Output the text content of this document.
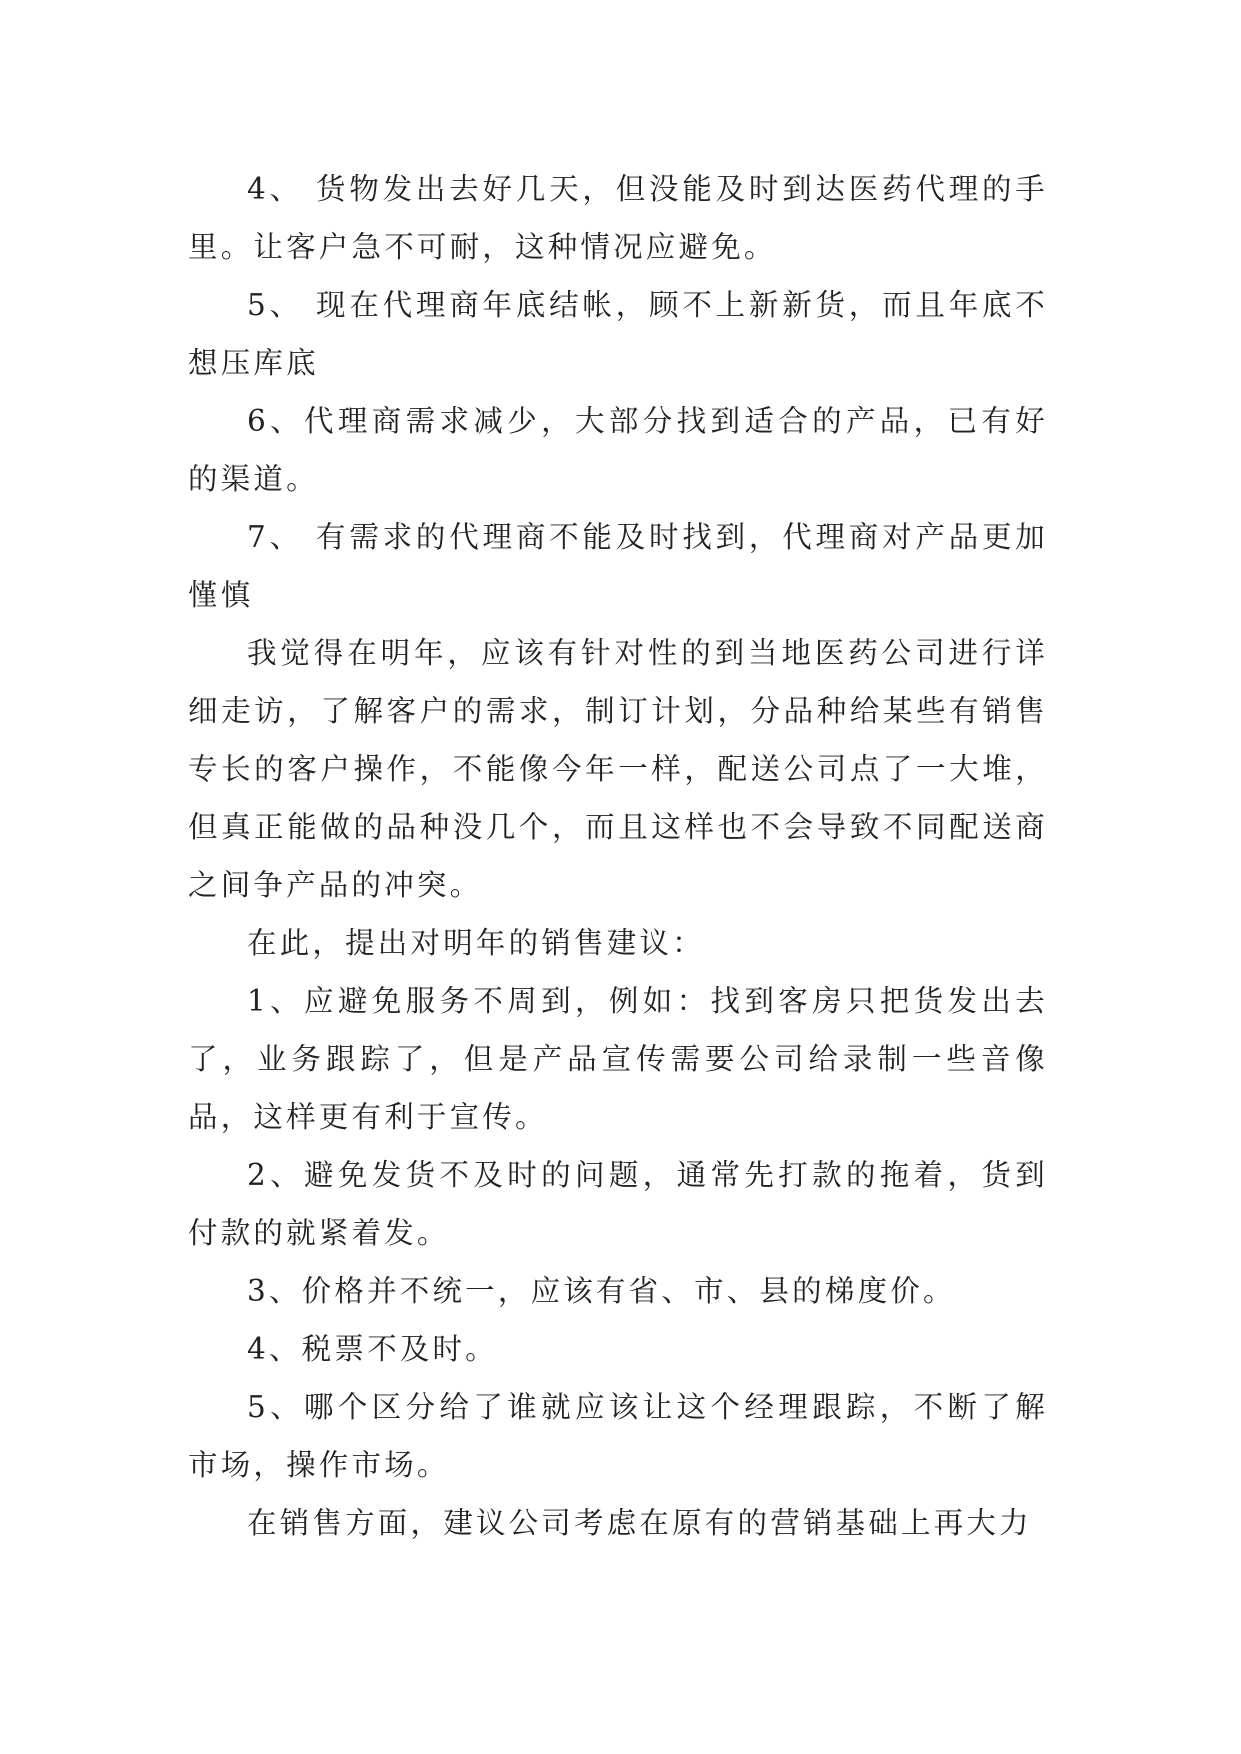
4、 货物发出去好几天，但没能及时到达医药代理的手里。让客户急不可耐，这种情况应避免。

5、 现在代理商年底结帐，顾不上新新货，而且年底不想压库底

6、代理商需求减少，大部分找到适合的产品，已有好的渠道。

7、 有需求的代理商不能及时找到，代理商对产品更加慬慎

我觉得在明年，应该有针对性的到当地医药公司进行详细走访，了解客户的需求，制订计划，分品种给某些有销售专长的客户操作，不能像今年一样，配送公司点了一大堆，但真正能做的品种没几个，而且这样也不会导致不同配送商之间争产品的冲突。

在此，提出对明年的销售建议：

1、应避免服务不周到，例如：找到客房只把货发出去了，业务跟踪了，但是产品宣传需要公司给录制一些音像品，这样更有利于宣传。

2、避免发货不及时的问题，通常先打款的拖着，货到付款的就紧着发。

3、价格并不统一，应该有省、市、县的梯度价。

4、税票不及时。

5、哪个区分给了谁就应该让这个经理跟踪，不断了解市场，操作市场。

在销售方面，建议公司考虑在原有的营销基础上再大力
